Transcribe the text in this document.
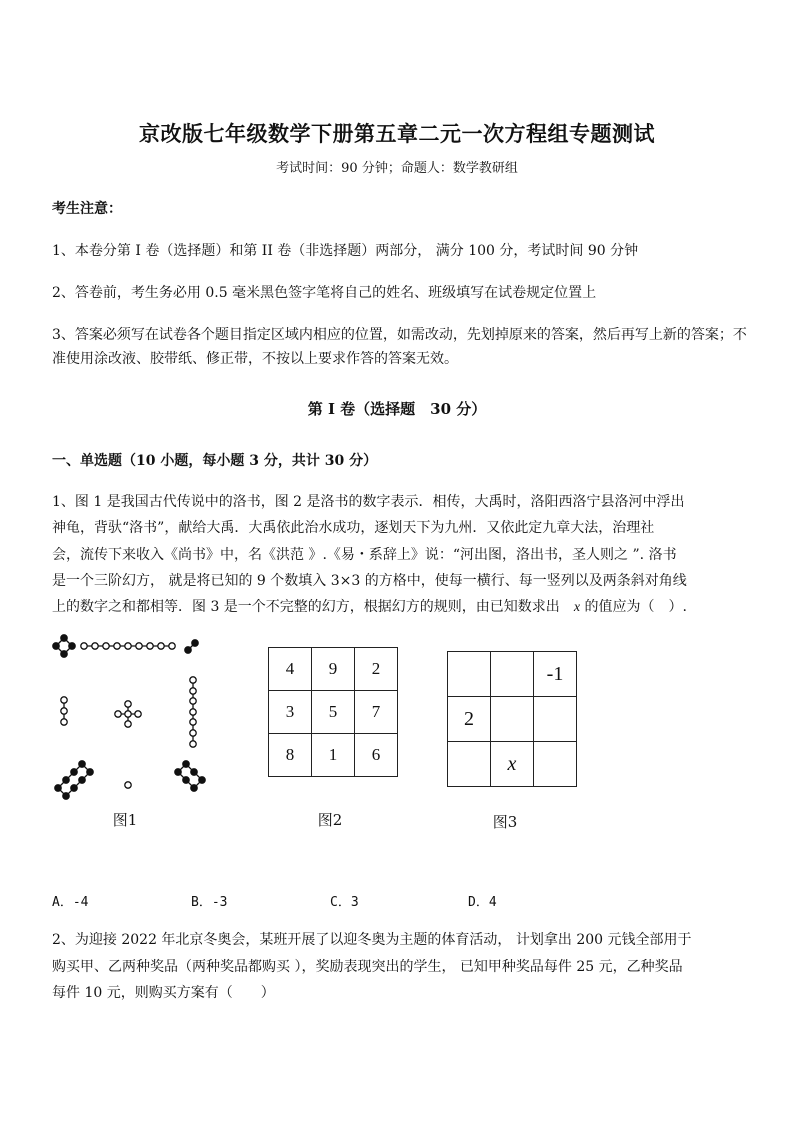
京改版七年级数学下册第五章二元一次方程组专题测试
考试时间：90 分钟；命题人：数学教研组
考生注意：
1、本卷分第 I 卷（选择题）和第 II 卷（非选择题）两部分， 满分 100 分，考试时间 90 分钟
2、答卷前，考生务必用 0.5 毫米黑色签字笔将自己的姓名、班级填写在试卷规定位置上
3、答案必须写在试卷各个题目指定区域内相应的位置，如需改动，先划掉原来的答案，然后再写上新的答案；不准使用涂改液、胶带纸、修正带，不按以上要求作答的答案无效。
第 I 卷（选择题　30 分）
一、单选题（10 小题，每小题 3 分，共计 30 分）
1、图 1 是我国古代传说中的洛书，图 2 是洛书的数字表示．相传，大禹时，洛阳西洛宁县洛河中浮出
神龟，背驮“洛书”，献给大禹．大禹依此治水成功，逐划天下为九州．又依此定九章大法，治理社
会，流传下来收入《尚书》中，名《洪范 》.《易・系辞上》说：“河出图，洛出书，圣人则之 ”. 洛书
是一个三阶幻方， 就是将已知的 9 个数填入 3×3 的方格中，使每一横行、每一竖列以及两条斜对角线
上的数字之和都相等．图 3 是一个不完整的幻方，根据幻方的规则，由已知数求出　x 的值应为（　）.
图1
4	9	2
3	5	7
8	1	6
图2
		-1
2		
	x	
图3
A．-4	B．-3	C．3	D．4
2、为迎接 2022 年北京冬奥会，某班开展了以迎冬奥为主题的体育活动， 计划拿出 200 元钱全部用于
购买甲、乙两种奖品（两种奖品都购买 ），奖励表现突出的学生， 已知甲种奖品每件 25 元，乙种奖品
每件 10 元，则购买方案有（　　）
